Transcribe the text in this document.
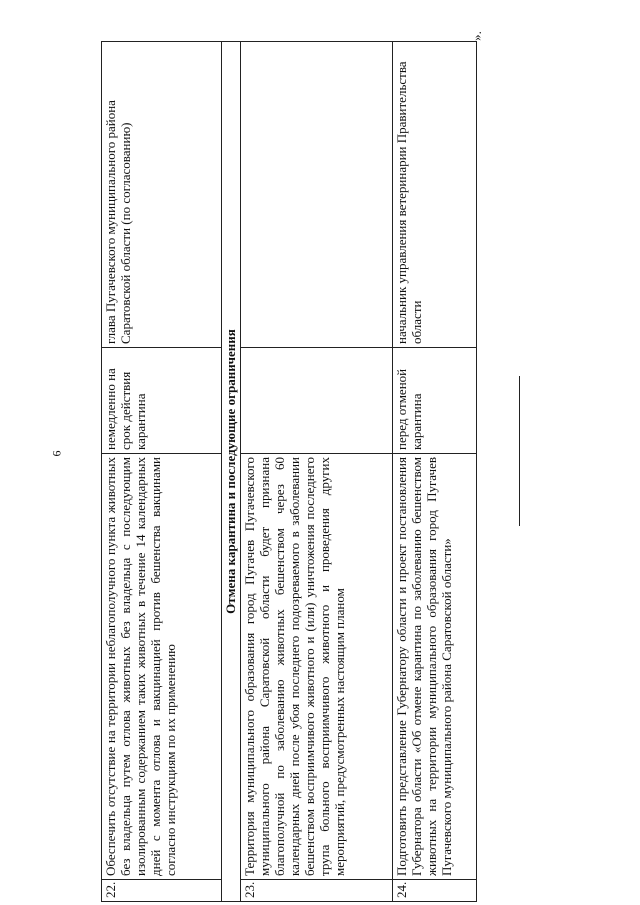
6
».
22.	Обеспечить отсутствие на территории неблагополучного пункта животных без владельца путем отлова животных без владельца с последующим изолированным содержанием таких животных в течение 14 календарных дней с момента отлова и вакцинацией против бешенства вакцинами согласно инструкциям по их применению	немедленно на срок действия карантина	глава Пугачевского муниципального района Саратовской области (по согласованию)
Отмена карантина и последующие ограничения			
23.	Территория муниципального образования город Пугачев Пугачевского муниципального района Саратовской области будет признана благополучной по заболеванию животных бешенством через 60 календарных дней после убоя последнего подозреваемого в заболевании бешенством восприимчивого животного и (или) уничтожения последнего трупа больного восприимчивого животного и проведения других мероприятий, предусмотренных настоящим планом		
24.	Подготовить представление Губернатору области и проект постановления Губернатора области «Об отмене карантина по заболеванию бешенством животных на территории муниципального образования город Пугачев Пугачевского муниципального района Саратовской области»	перед отменой карантина	начальник управления ветеринарии Правительства области
